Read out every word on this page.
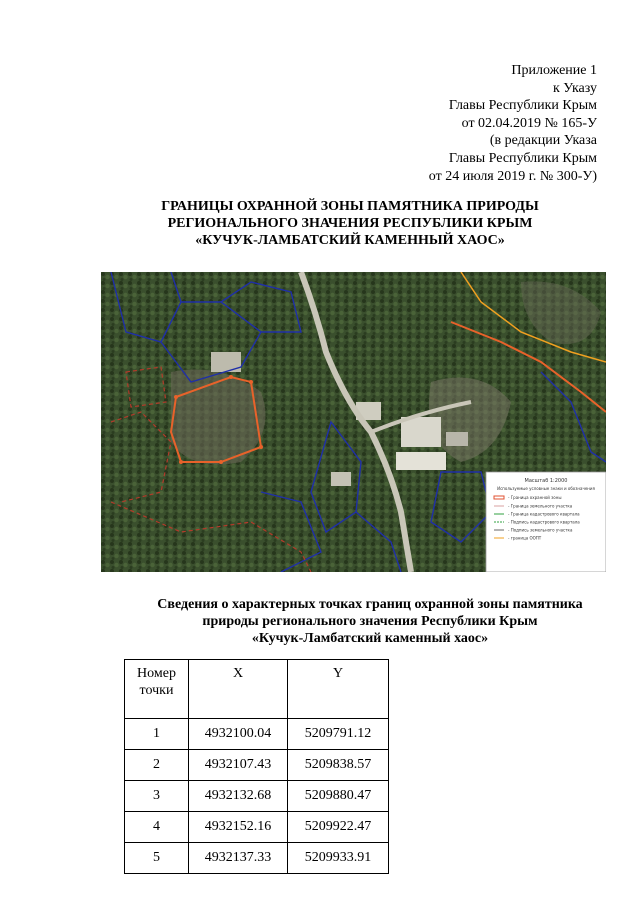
Приложение 1
к Указу
Главы Республики Крым
от 02.04.2019 № 165-У
(в редакции Указа
Главы Республики Крым
от 24 июля 2019 г. № 300-У)
ГРАНИЦЫ ОХРАННОЙ ЗОНЫ ПАМЯТНИКА ПРИРОДЫ
РЕГИОНАЛЬНОГО ЗНАЧЕНИЯ РЕСПУБЛИКИ КРЫМ
«КУЧУК-ЛАМБАТСКИЙ КАМЕННЫЙ ХАОС»
Масштаб 1:2000
Используемые условные знаки и обозначения
- Граница охранной зоны
- Граница земельного участка
- Граница кадастрового квартала
- Подпись кадастрового квартала
- Подпись земельного участка
- граница ООПТ
Сведения о характерных точках границ охранной зоны памятника
природы регионального значения Республики Крым
«Кучук-Ламбатский каменный хаос»
Номер точки	X	Y
1	4932100.04	5209791.12
2	4932107.43	5209838.57
3	4932132.68	5209880.47
4	4932152.16	5209922.47
5	4932137.33	5209933.91
